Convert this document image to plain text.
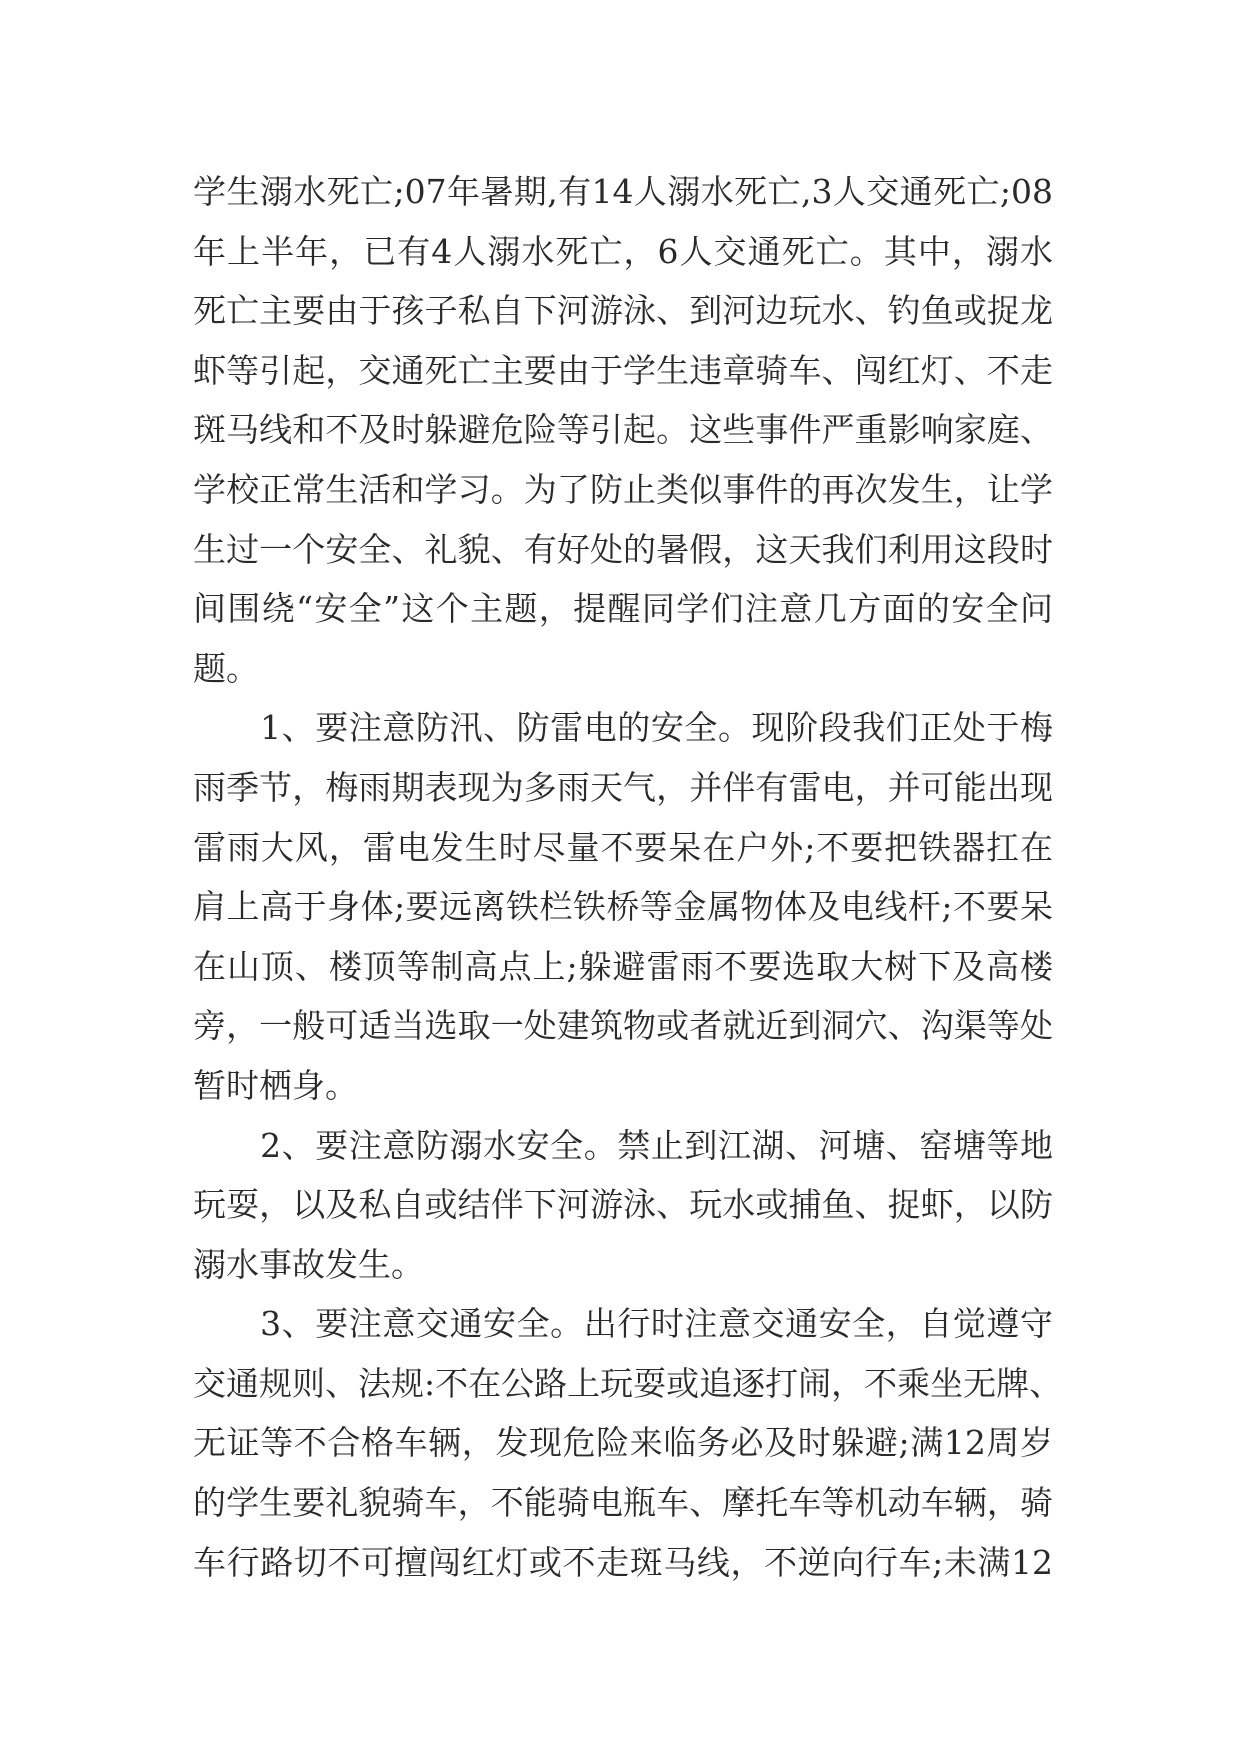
学生溺水死亡;07年暑期,有14人溺水死亡,3人交通死亡;08
年上半年，已有4人溺水死亡，6人交通死亡。其中，溺水
死亡主要由于孩子私自下河游泳、到河边玩水、钓鱼或捉龙
虾等引起，交通死亡主要由于学生违章骑车、闯红灯、不走
斑马线和不及时躲避危险等引起。这些事件严重影响家庭、
学校正常生活和学习。为了防止类似事件的再次发生，让学
生过一个安全、礼貌、有好处的暑假，这天我们利用这段时
间围绕“安全”这个主题，提醒同学们注意几方面的安全问
题。
　　1、要注意防汛、防雷电的安全。现阶段我们正处于梅
雨季节，梅雨期表现为多雨天气，并伴有雷电，并可能出现
雷雨大风，雷电发生时尽量不要呆在户外;不要把铁器扛在
肩上高于身体;要远离铁栏铁桥等金属物体及电线杆;不要呆
在山顶、楼顶等制高点上;躲避雷雨不要选取大树下及高楼
旁，一般可适当选取一处建筑物或者就近到洞穴、沟渠等处
暂时栖身。
　　2、要注意防溺水安全。禁止到江湖、河塘、窑塘等地
玩耍，以及私自或结伴下河游泳、玩水或捕鱼、捉虾，以防
溺水事故发生。
　　3、要注意交通安全。出行时注意交通安全，自觉遵守
交通规则、法规:不在公路上玩耍或追逐打闹，不乘坐无牌、
无证等不合格车辆，发现危险来临务必及时躲避;满12周岁
的学生要礼貌骑车，不能骑电瓶车、摩托车等机动车辆，骑
车行路切不可擅闯红灯或不走斑马线，不逆向行车;未满12
